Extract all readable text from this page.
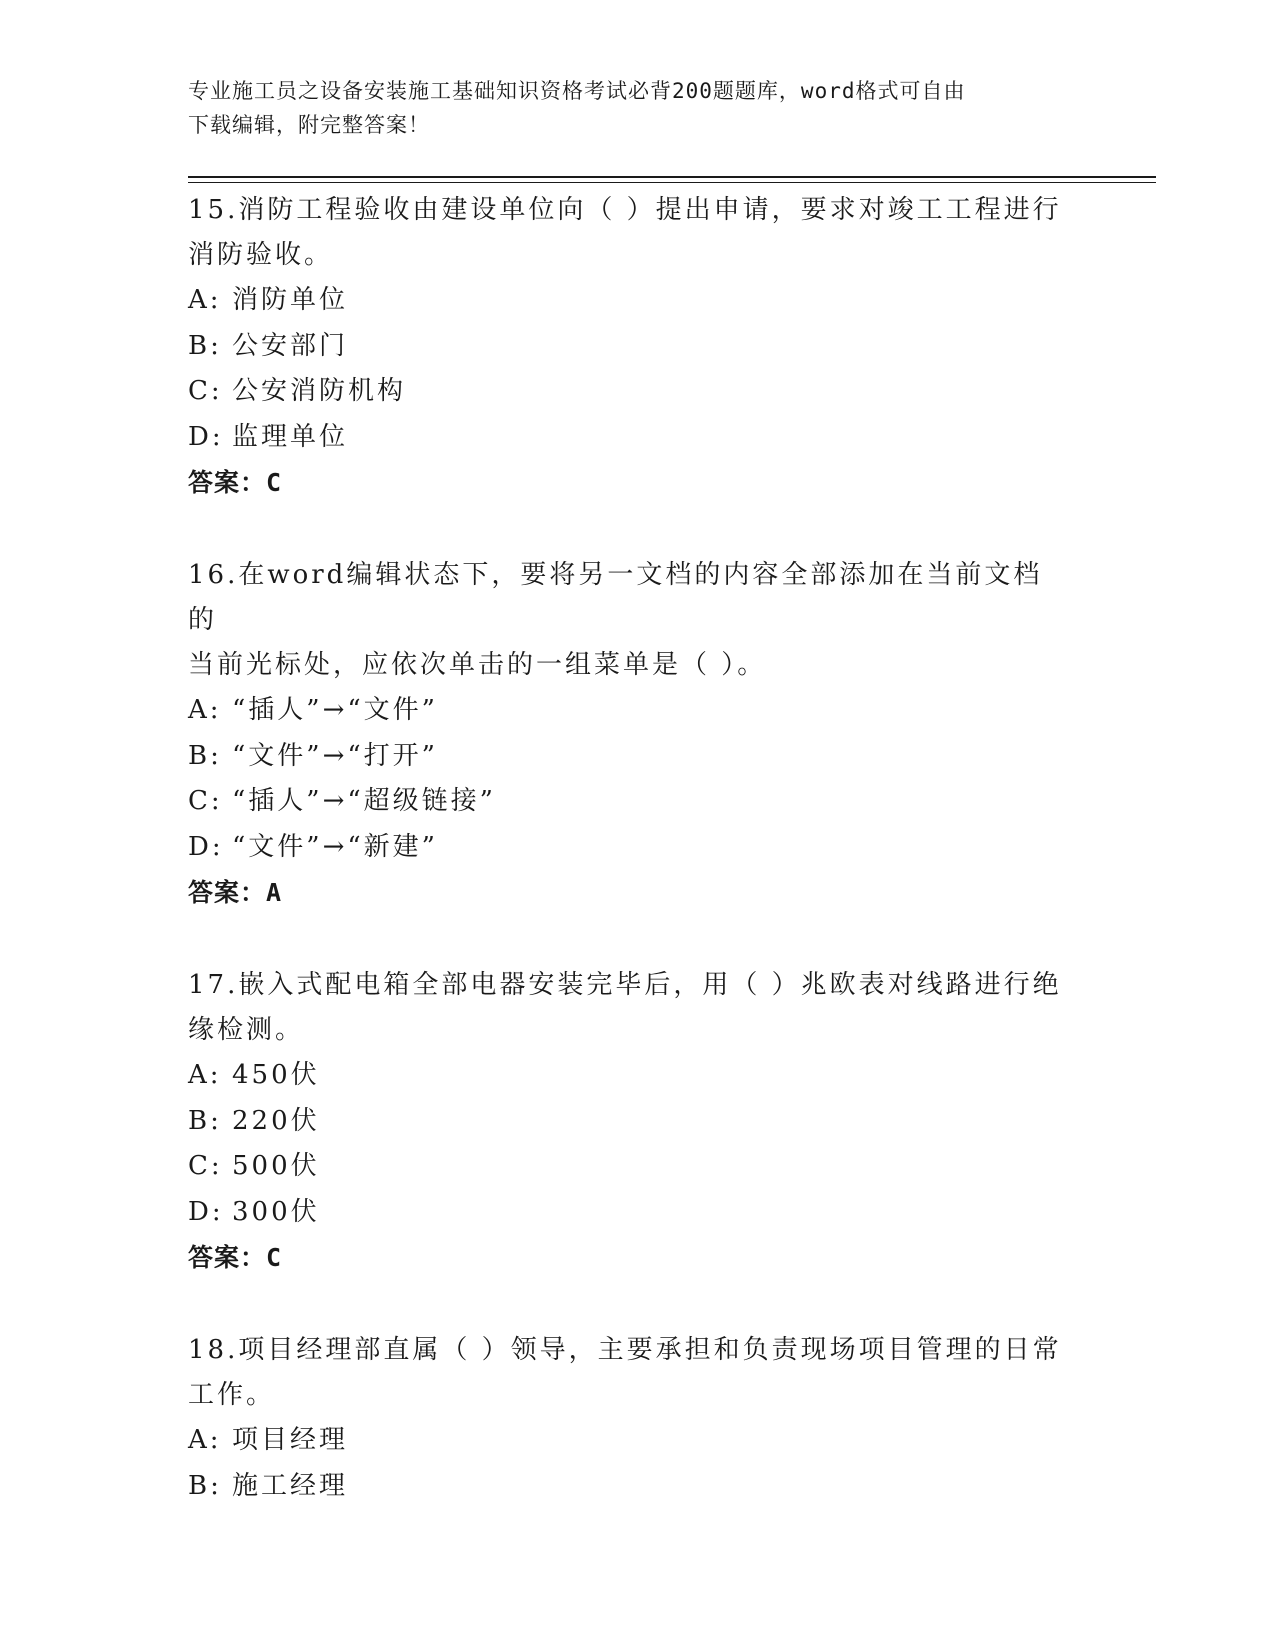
专业施工员之设备安装施工基础知识资格考试必背200题题库，word格式可自由
下载编辑，附完整答案！
15.消防工程验收由建设单位向（ ）提出申请，要求对竣工工程进行
消防验收。
A: 消防单位
B: 公安部门
C: 公安消防机构
D: 监理单位
答案：C
16.在word编辑状态下，要将另一文档的内容全部添加在当前文档的
当前光标处，应依次单击的一组菜单是（ ）。
A: “插人”→“文件”
B: “文件”→“打开”
C: “插人”→“超级链接”
D: “文件”→“新建”
答案：A
17.嵌入式配电箱全部电器安装完毕后，用（ ）兆欧表对线路进行绝
缘检测。
A: 450伏
B: 220伏
C: 500伏
D: 300伏
答案：C
18.项目经理部直属（ ）领导，主要承担和负责现场项目管理的日常
工作。
A: 项目经理
B: 施工经理
